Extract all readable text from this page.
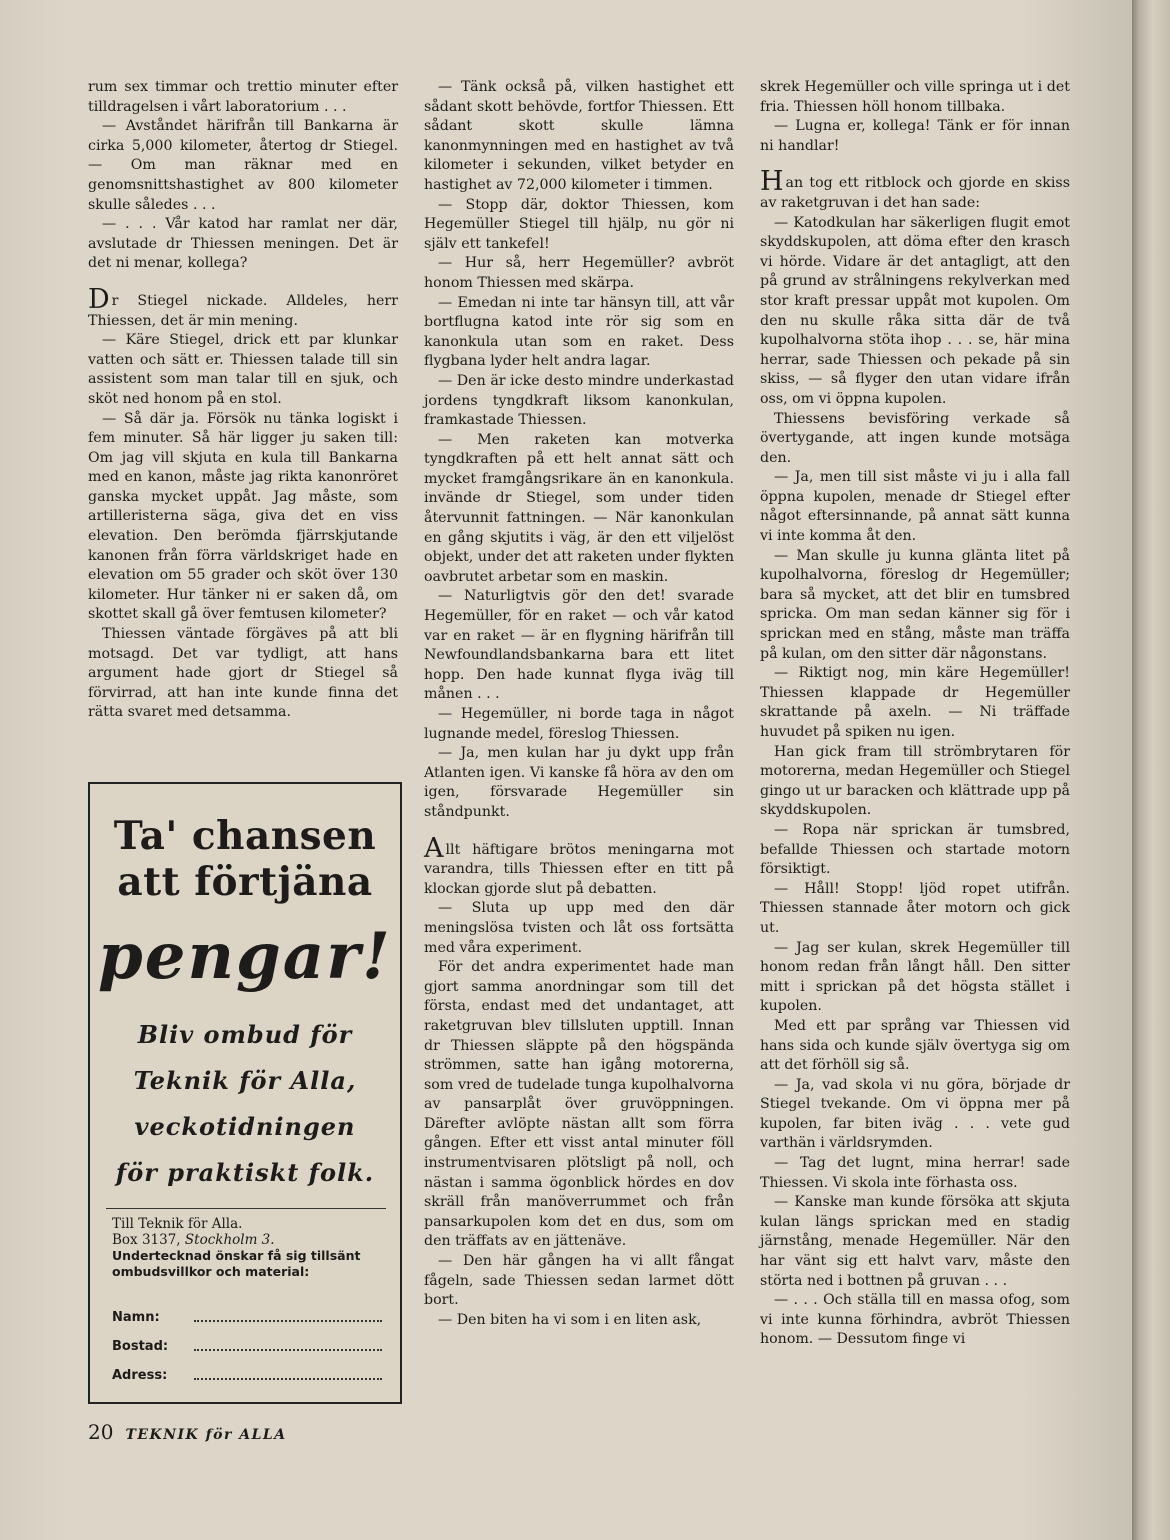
rum sex timmar och trettio minuter efter tilldragelsen i vårt laboratorium . . .

— Avståndet härifrån till Bankarna är cirka 5,000 kilometer, återtog dr Stiegel. — Om man räknar med en genomsnittshastighet av 800 kilometer skulle således . . .

— . . . Vår katod har ramlat ner där, avslutade dr Thiessen meningen. Det är det ni menar, kollega?

Dr Stiegel nickade. Alldeles, herr Thiessen, det är min mening.

— Käre Stiegel, drick ett par klunkar vatten och sätt er. Thiessen talade till sin assistent som man talar till en sjuk, och sköt ned honom på en stol.

— Så där ja. Försök nu tänka logiskt i fem minuter. Så här ligger ju saken till: Om jag vill skjuta en kula till Bankarna med en kanon, måste jag rikta kanonröret ganska mycket uppåt. Jag måste, som artilleristerna säga, giva det en viss elevation. Den berömda fjärrskjutande kanonen från förra världskriget hade en elevation om 55 grader och sköt över 130 kilometer. Hur tänker ni er saken då, om skottet skall gå över femtusen kilometer?

Thiessen väntade förgäves på att bli motsagd. Det var tydligt, att hans argument hade gjort dr Stiegel så förvirrad, att han inte kunde finna det rätta svaret med detsamma.

— Tänk också på, vilken hastighet ett sådant skott behövde, fortfor Thiessen. Ett sådant skott skulle lämna kanonmynningen med en hastighet av två kilometer i sekunden, vilket betyder en hastighet av 72,000 kilometer i timmen.

— Stopp där, doktor Thiessen, kom Hegemüller Stiegel till hjälp, nu gör ni själv ett tankefel!

— Hur så, herr Hegemüller? avbröt honom Thiessen med skärpa.

— Emedan ni inte tar hänsyn till, att vår bortflugna katod inte rör sig som en kanonkula utan som en raket. Dess flygbana lyder helt andra lagar.

— Den är icke desto mindre underkastad jordens tyngdkraft liksom kanonkulan, framkastade Thiessen.

— Men raketen kan motverka tyngdkraften på ett helt annat sätt och mycket framgångsrikare än en kanonkula. invände dr Stiegel, som under tiden återvunnit fattningen. — När kanonkulan en gång skjutits i väg, är den ett viljelöst objekt, under det att raketen under flykten oavbrutet arbetar som en maskin.

— Naturligtvis gör den det! svarade Hegemüller, för en raket — och vår katod var en raket — är en flygning härifrån till Newfoundlandsbankarna bara ett litet hopp. Den hade kunnat flyga iväg till månen . . .

— Hegemüller, ni borde taga in något lugnande medel, föreslog Thiessen.

— Ja, men kulan har ju dykt upp från Atlanten igen. Vi kanske få höra av den om igen, försvarade Hegemüller sin ståndpunkt.

Allt häftigare brötos meningarna mot varandra, tills Thiessen efter en titt på klockan gjorde slut på debatten.

— Sluta up upp med den där meningslösa tvisten och låt oss fortsätta med våra experiment.

För det andra experimentet hade man gjort samma anordningar som till det första, endast med det undantaget, att raketgruvan blev tillsluten upptill. Innan dr Thiessen släppte på den högspända strömmen, satte han igång motorerna, som vred de tudelade tunga kupolhalvorna av pansarplåt över gruvöppningen. Därefter avlöpte nästan allt som förra gången. Efter ett visst antal minuter föll instrumentvisaren plötsligt på noll, och nästan i samma ögonblick hördes en dov skräll från manöverrummet och från pansarkupolen kom det en dus, som om den träffats av en jättenäve.

— Den här gången ha vi allt fångat fågeln, sade Thiessen sedan larmet dött bort.

— Den biten ha vi som i en liten ask,

skrek Hegemüller och ville springa ut i det fria. Thiessen höll honom tillbaka.

— Lugna er, kollega! Tänk er för innan ni handlar!

Han tog ett ritblock och gjorde en skiss av raketgruvan i det han sade:

— Katodkulan har säkerligen flugit emot skyddskupolen, att döma efter den krasch vi hörde. Vidare är det antagligt, att den på grund av strålningens rekylverkan med stor kraft pressar uppåt mot kupolen. Om den nu skulle råka sitta där de två kupolhalvorna stöta ihop . . . se, här mina herrar, sade Thiessen och pekade på sin skiss, — så flyger den utan vidare ifrån oss, om vi öppna kupolen.

Thiessens bevisföring verkade så övertygande, att ingen kunde motsäga den.

— Ja, men till sist måste vi ju i alla fall öppna kupolen, menade dr Stiegel efter något eftersinnande, på annat sätt kunna vi inte komma åt den.

— Man skulle ju kunna glänta litet på kupolhalvorna, föreslog dr Hegemüller; bara så mycket, att det blir en tumsbred spricka. Om man sedan känner sig för i sprickan med en stång, måste man träffa på kulan, om den sitter där någonstans.

— Riktigt nog, min käre Hegemüller! Thiessen klappade dr Hegemüller skrattande på axeln. — Ni träffade huvudet på spiken nu igen.

Han gick fram till strömbrytaren för motorerna, medan Hegemüller och Stiegel gingo ut ur baracken och klättrade upp på skyddskupolen.

— Ropa när sprickan är tumsbred, befallde Thiessen och startade motorn försiktigt.

— Håll! Stopp! ljöd ropet utifrån. Thiessen stannade åter motorn och gick ut.

— Jag ser kulan, skrek Hegemüller till honom redan från långt håll. Den sitter mitt i sprickan på det högsta stället i kupolen.

Med ett par språng var Thiessen vid hans sida och kunde själv övertyga sig om att det förhöll sig så.

— Ja, vad skola vi nu göra, började dr Stiegel tvekande. Om vi öppna mer på kupolen, far biten iväg . . . vete gud varthän i världsrymden.

— Tag det lugnt, mina herrar! sade Thiessen. Vi skola inte förhasta oss.

— Kanske man kunde försöka att skjuta kulan längs sprickan med en stadig järnstång, menade Hegemüller. När den har vänt sig ett halvt varv, måste den störta ned i bottnen på gruvan . . .

— . . . Och ställa till en massa ofog, som vi inte kunna förhindra, avbröt Thiessen honom. — Dessutom finge vi

Ta' chansen
att förtjäna
pengar!
Bliv ombud för
Teknik för Alla,
veckotidningen
för praktiskt folk.
Till Teknik för Alla.
Box 3137, Stockholm 3.
Undertecknad önskar få sig tillsänt ombudsvillkor och material:
Namn:
Bostad:
Adress:
20 TEKNIK för ALLA
